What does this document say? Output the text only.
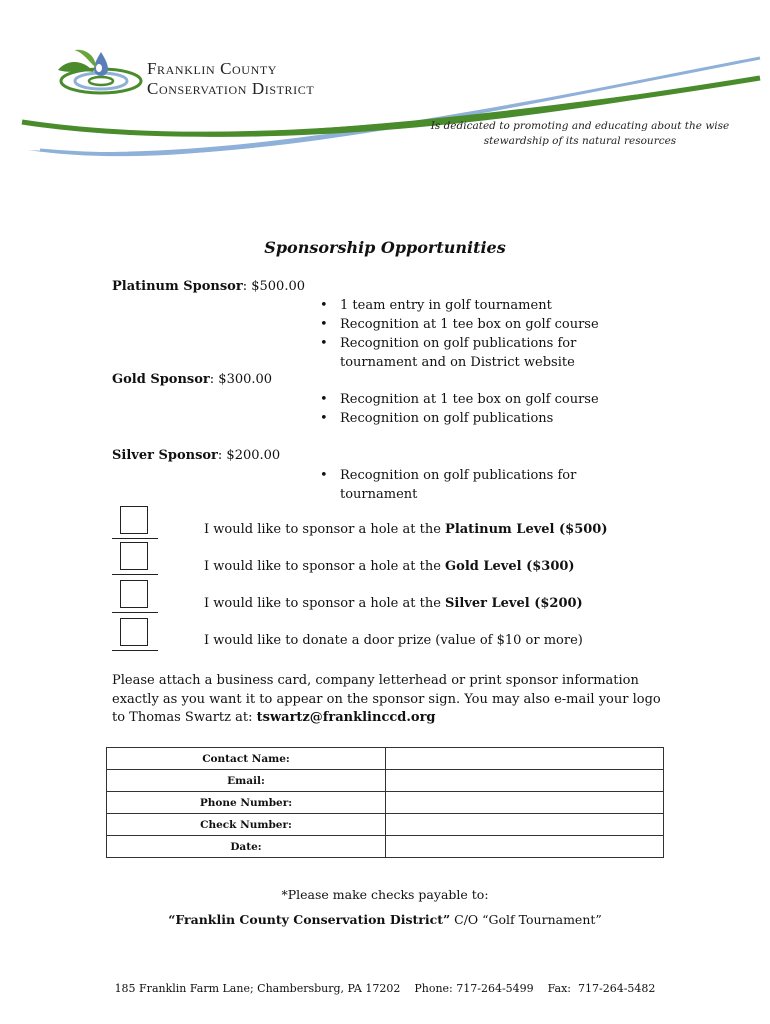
Franklin County
Conservation District
Is dedicated to promoting and educating about the wise
stewardship of its natural resources
Sponsorship Opportunities
Platinum Sponsor: $500.00
• 1 team entry in golf tournament
• Recognition at 1 tee box on golf course
• Recognition on golf publications for tournament and on District website
Gold Sponsor: $300.00
• Recognition at 1 tee box on golf course
• Recognition on golf publications
Silver Sponsor: $200.00
• Recognition on golf publications for tournament
I would like to sponsor a hole at the Platinum Level ($500)
I would like to sponsor a hole at the Gold Level ($300)
I would like to sponsor a hole at the Silver Level ($200)
I would like to donate a door prize (value of $10 or more)
Please attach a business card, company letterhead or print sponsor information exactly as you want it to appear on the sponsor sign. You may also e-mail your logo to Thomas Swartz at: tswartz@franklinccd.org
Contact Name:	
Email:	
Phone Number:	
Check Number:	
Date:	
*Please make checks payable to:
“Franklin County Conservation District” C/O “Golf Tournament”
185 Franklin Farm Lane; Chambersburg, PA 17202    Phone: 717-264-5499    Fax:  717-264-5482
